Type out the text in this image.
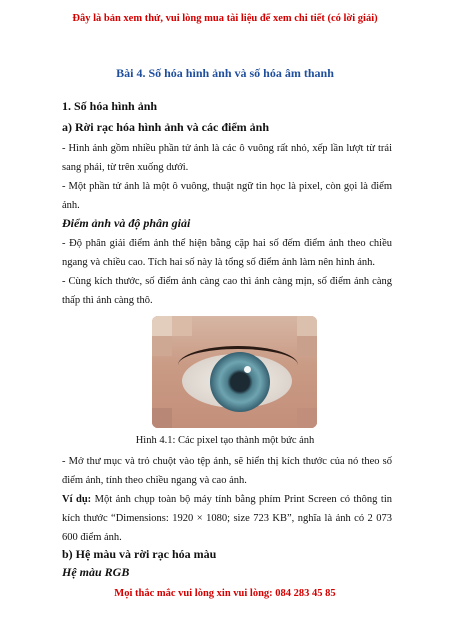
Đây là bản xem thử, vui lòng mua tài liệu để xem chi tiết (có lời giải)
Bài 4. Số hóa hình ảnh và số hóa âm thanh
1. Số hóa hình ảnh
a) Rời rạc hóa hình ảnh và các điểm ảnh
- Hình ảnh gồm nhiều phần tử ảnh là các ô vuông rất nhỏ, xếp lần lượt từ trái sang phải, từ trên xuống dưới.
- Một phần tử ảnh là một ô vuông, thuật ngữ tin học là pixel, còn gọi là điểm ảnh.
Điểm ảnh và độ phân giải
- Độ phân giải điểm ảnh thể hiện bằng cặp hai số đếm điểm ảnh theo chiều ngang và chiều cao. Tích hai số này là tổng số điểm ảnh làm nên hình ảnh.
- Cùng kích thước, số điểm ảnh càng cao thì ảnh càng mịn, số điểm ảnh càng thấp thì ảnh càng thô.
Hình 4.1: Các pixel tạo thành một bức ảnh
- Mở thư mục và trỏ chuột vào tệp ảnh, sẽ hiển thị kích thước của nó theo số điểm ảnh, tính theo chiều ngang và cao ảnh.
Ví dụ: Một ảnh chụp toàn bộ máy tính bằng phím Print Screen có thông tin kích thước “Dimensions: 1920 × 1080; size 723 KB”, nghĩa là ảnh có 2 073 600 điểm ảnh.
b) Hệ màu và rời rạc hóa màu
Hệ màu RGB
Mọi thắc mắc vui lòng xin vui lòng: 084 283 45 85
